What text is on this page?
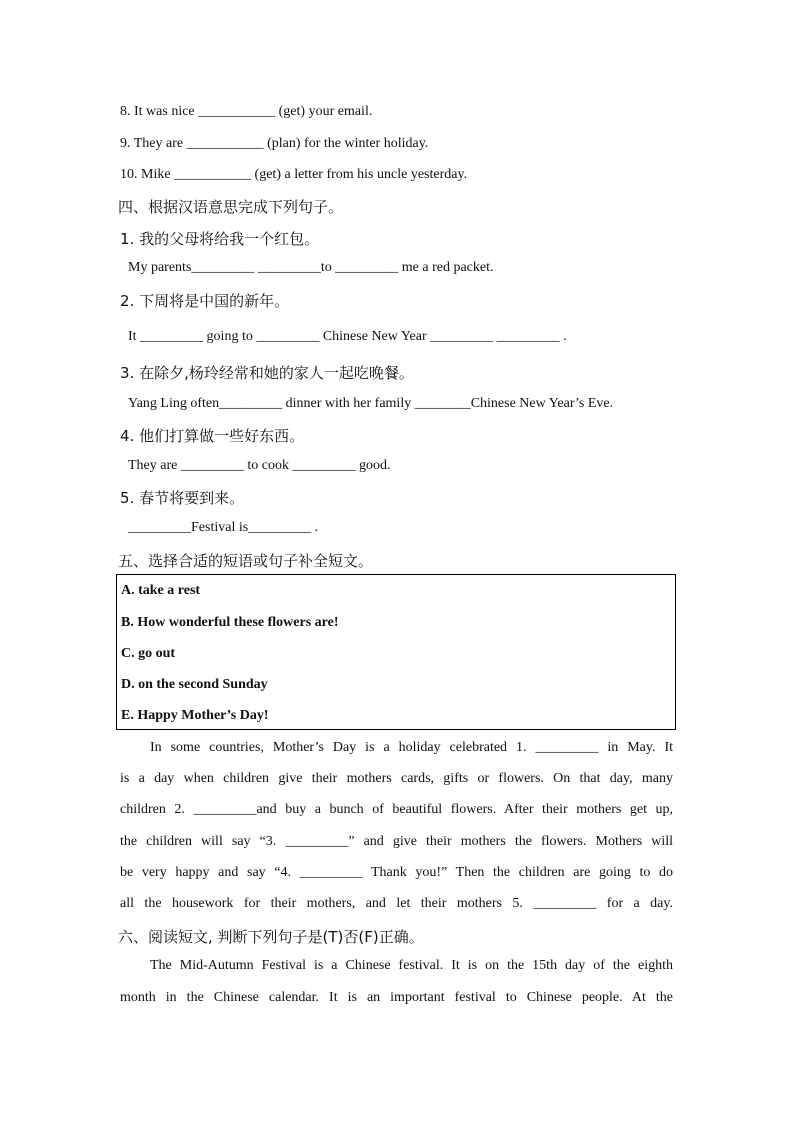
8. It was nice ___________ (get) your email.
9. They are ___________ (plan) for the winter holiday.
10. Mike ___________ (get) a letter from his uncle yesterday.
四、根据汉语意思完成下列句子。
1. 我的父母将给我一个红包。
My parents_________ _________to _________ me a red packet.
2. 下周将是中国的新年。
It _________ going to _________ Chinese New Year _________ _________ .
3. 在除夕,杨玲经常和她的家人一起吃晚餐。
Yang Ling often_________ dinner with her family ________Chinese New Year’s Eve.
4. 他们打算做一些好东西。
They are _________ to cook _________ good.
5. 春节将要到来。
_________Festival is_________ .
五、选择合适的短语或句子补全短文。
A. take a rest
B. How wonderful these flowers are!
C. go out
D. on the second Sunday
E. Happy Mother’s Day!
In some countries, Mother’s Day is a holiday celebrated 1. _________ in May. It
is a day when children give their mothers cards, gifts or flowers. On that day, many
children 2. _________and buy a bunch of beautiful flowers. After their mothers get up,
the children will say “3. _________” and give their mothers the flowers. Mothers will
be very happy and say “4. _________ Thank you!” Then the children are going to do
all the housework for their mothers, and let their mothers 5. _________ for a day.
六、阅读短文, 判断下列句子是(T)否(F)正确。
The Mid-Autumn Festival is a Chinese festival. It is on the 15th day of the eighth
month in the Chinese calendar. It is an important festival to Chinese people. At the
